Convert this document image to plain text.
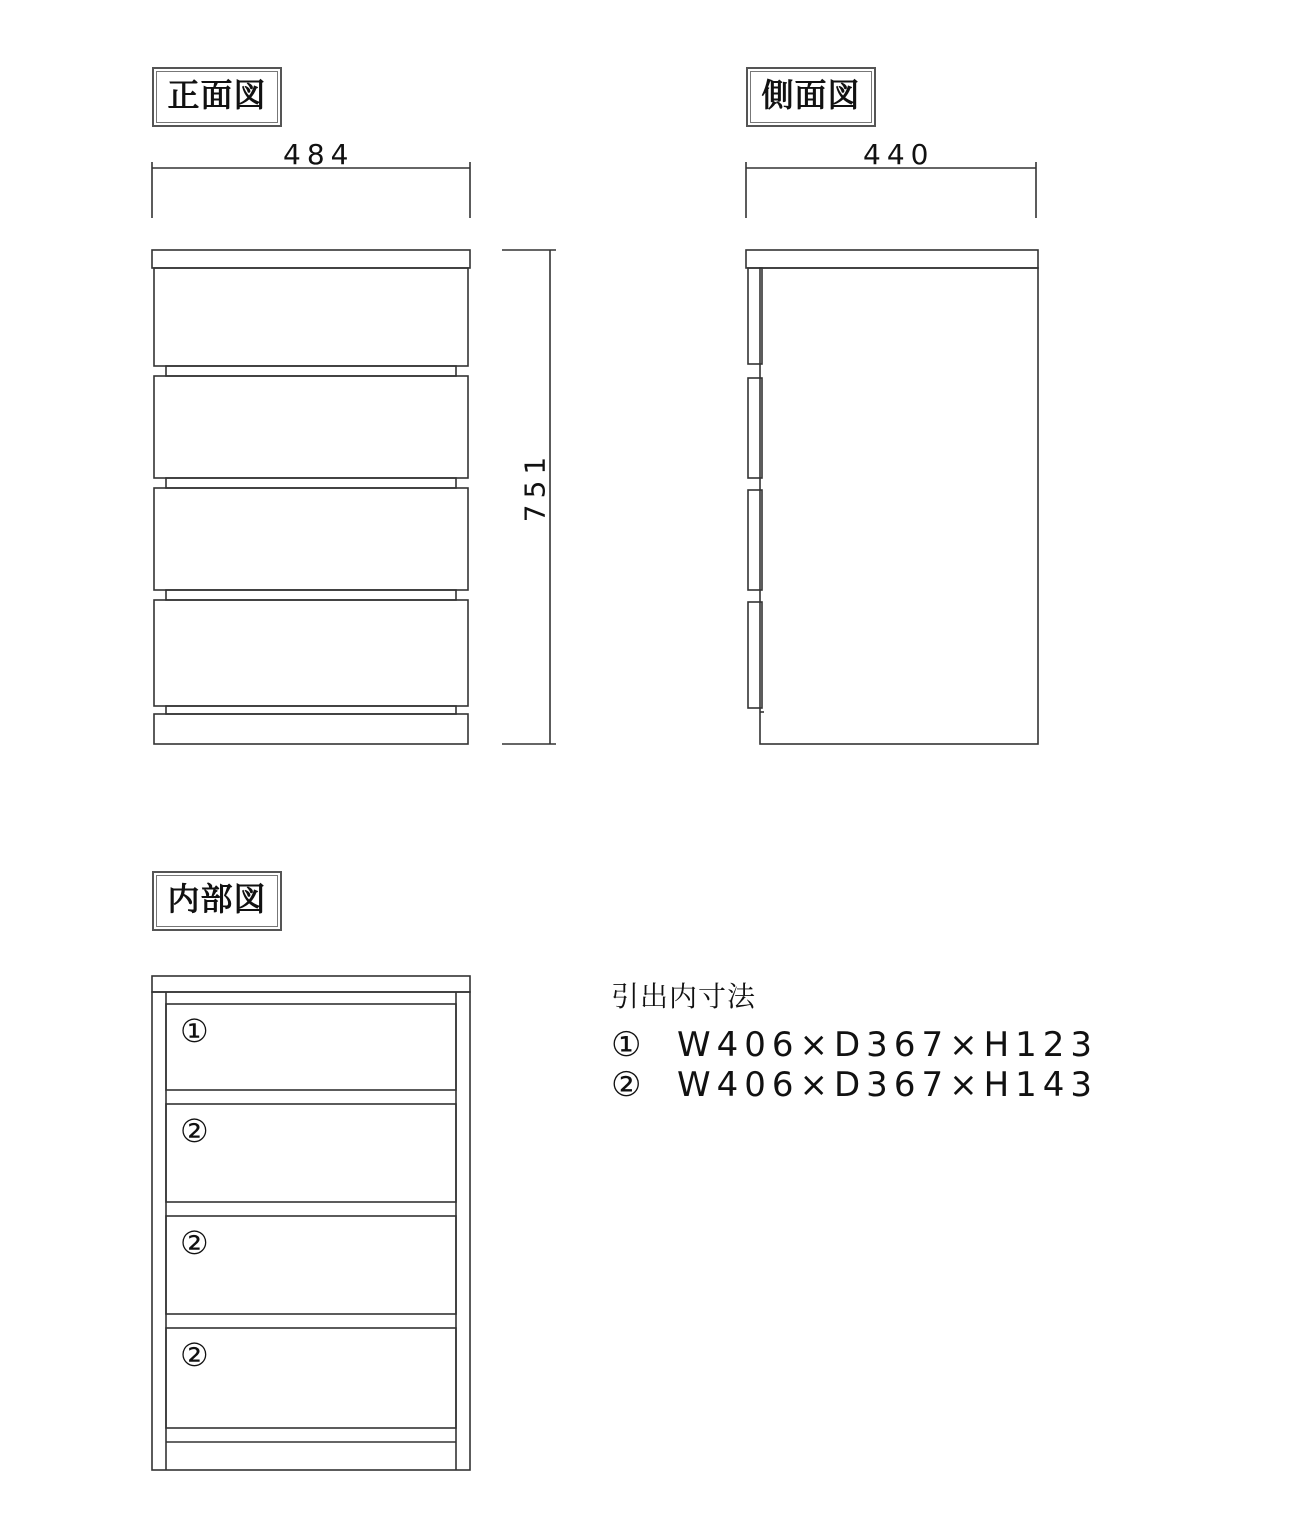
正面図	側面図
内部図
484	440
751
①
②
②
②
引出内寸法
① W406×D367×H123
② W406×D367×H143
